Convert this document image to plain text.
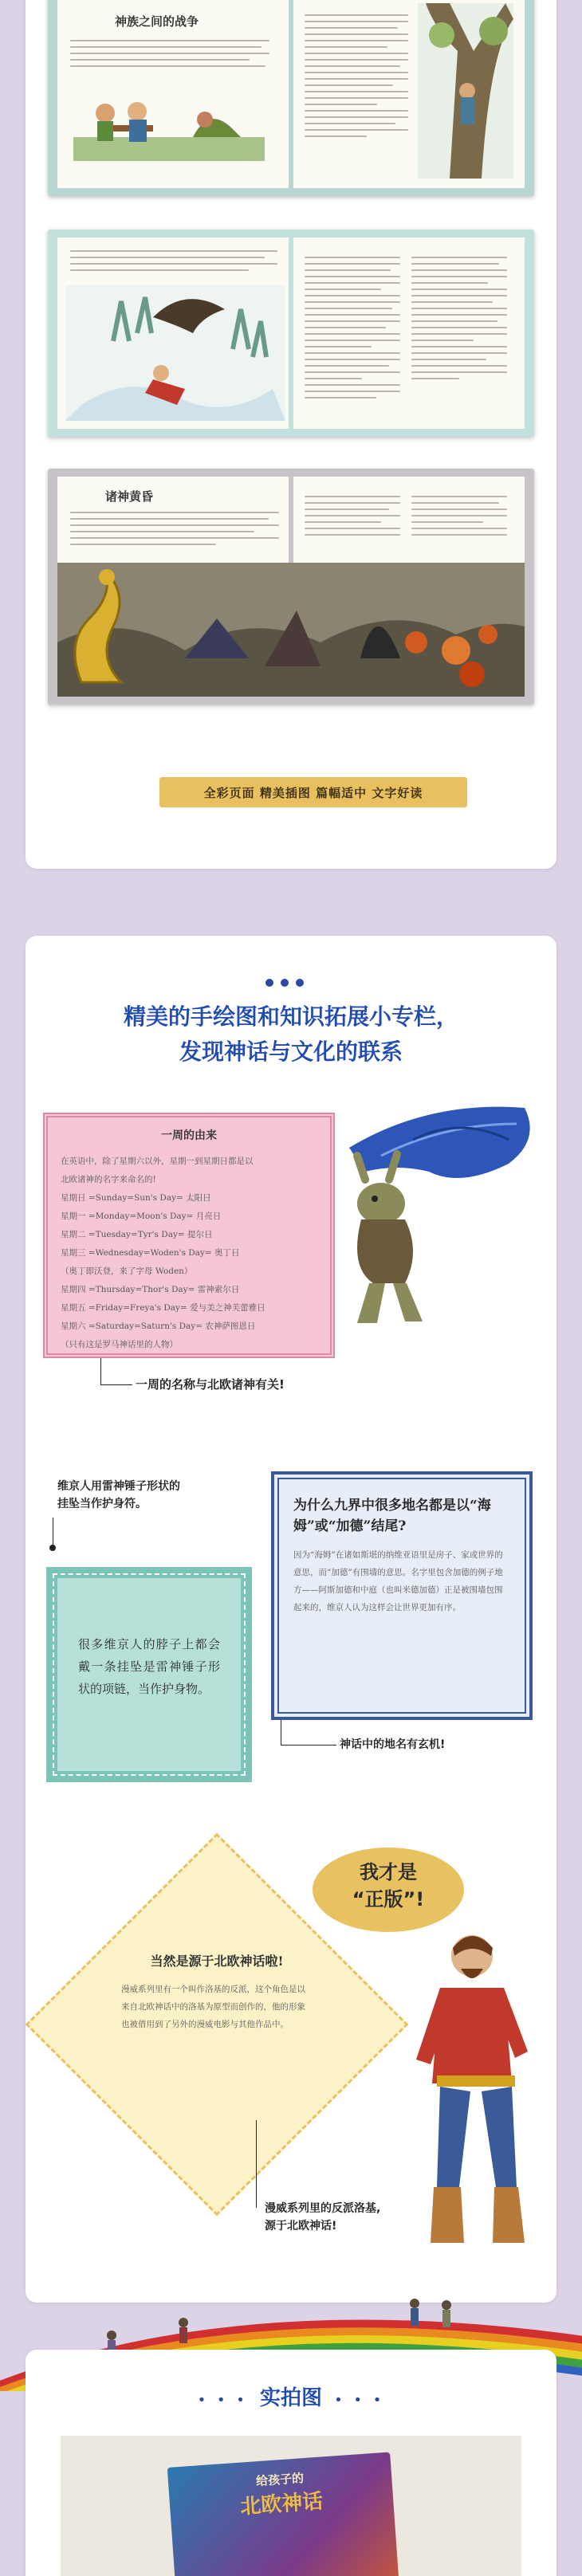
神族之间的战争
诸神黄昏
全彩页面 精美插图 篇幅适中 文字好读
精美的手绘图和知识拓展小专栏，
发现神话与文化的联系
一周的由来
在英语中，除了星期六以外，星期一到星期日都是以
北欧诸神的名字来命名的!
星期日 =Sunday=Sun's Day= 太阳日
星期一 =Monday=Moon's Day= 月亮日
星期二 =Tuesday=Tyr's Day= 提尔日
星期三 =Wednesday=Woden's Day= 奥丁日
（奥丁即沃登，来了字母 Woden）
星期四 =Thursday=Thor's Day= 雷神索尔日
星期五 =Friday=Freya's Day= 爱与美之神芙蕾雅日
星期六 =Saturday=Saturn's Day= 农神萨图恩日
（只有这是罗马神话里的人物）
一周的名称与北欧诸神有关!
维京人用雷神锤子形状的
挂坠当作护身符。
很多维京人的脖子上都会戴一条挂坠是雷神锤子形状的项链，当作护身物。
为什么九界中很多地名都是以“海姆”或“加德”结尾?
因为“海姆”在诸如斯堪的纳维亚语里是房子、家或世界的意思，而“加德”有围墙的意思。名字里包含加德的例子地方——阿斯加德和中庭（也叫米德加德）正是被围墙包围起来的，维京人认为这样会让世界更加有序。
神话中的地名有玄机!
我才是
“正版”!
当然是源于北欧神话啦!
漫威系列里有一个叫作洛基的反派，这个角色是以来自北欧神话中的洛基为原型而创作的，他的形象也被借用到了另外的漫威电影与其他作品中。
漫威系列里的反派洛基,
源于北欧神话!
• • • 实拍图 • • •
给孩子的
北欧神话
